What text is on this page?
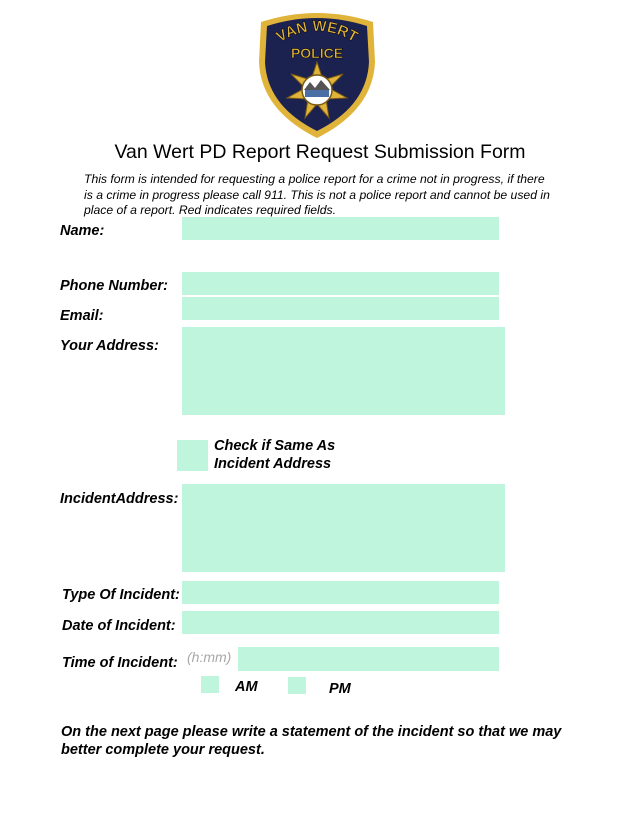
VAN WERT
POLICE
Van Wert PD Report Request Submission Form
This form is intended for requesting a police report for a crime not in progress, if there is a crime in progress please call 911. This is not a police report and cannot be used in place of a report. Red indicates required fields.
Name:
Phone Number:
Email:
Your Address:
Check if Same As
Incident Address
IncidentAddress:
Type Of Incident:
Date of Incident:
Time of Incident: (h:mm)
AM	PM
On the next page please write a statement of the incident so that we may better complete your request.
